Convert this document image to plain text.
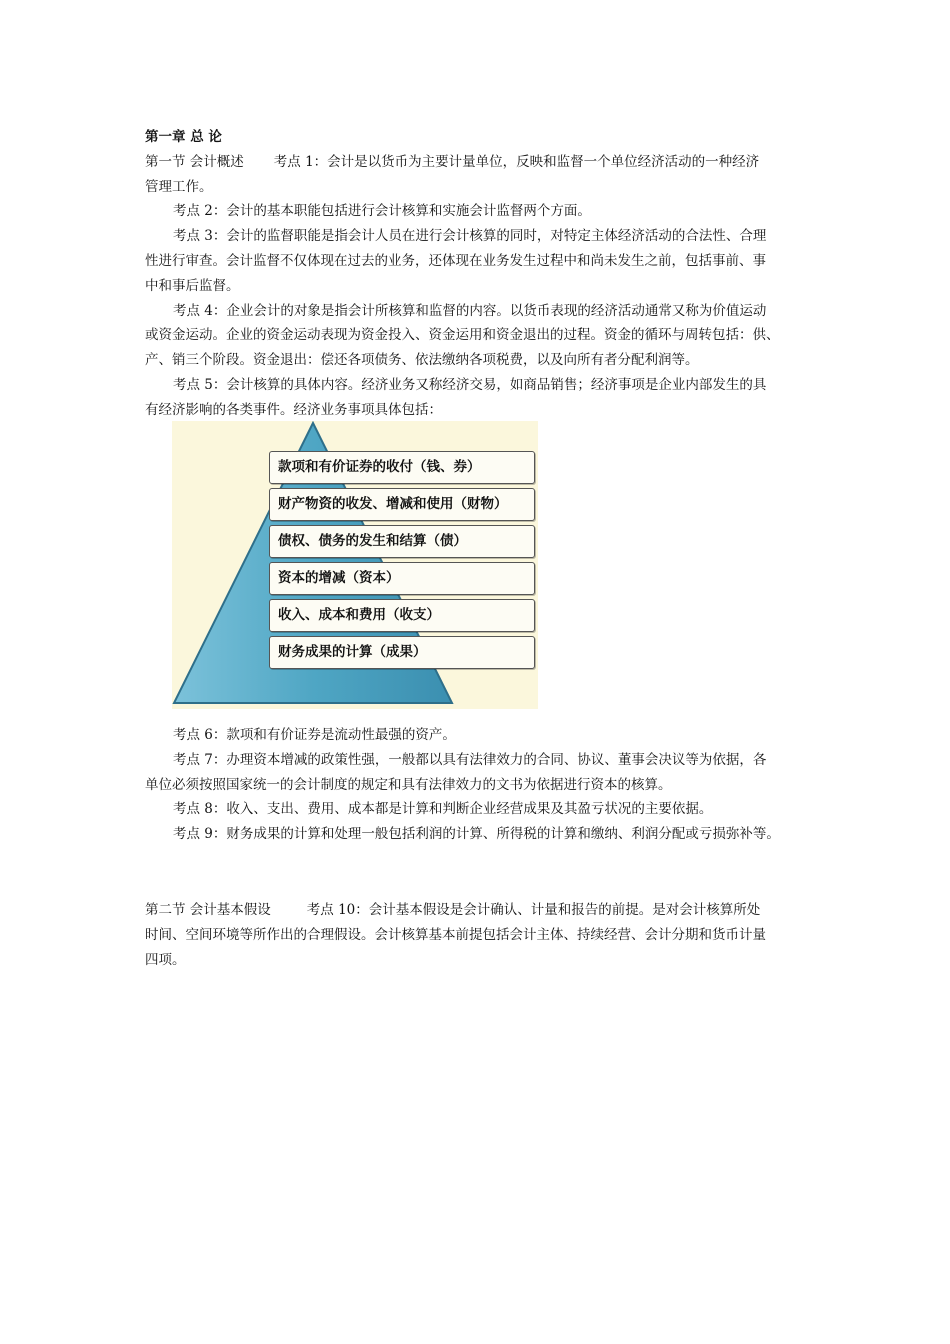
第一章 总 论
第一节 会计概述 考点 1：会计是以货币为主要计量单位，反映和监督一个单位经济活动的一种经济
管理工作。
考点 2：会计的基本职能包括进行会计核算和实施会计监督两个方面。
考点 3：会计的监督职能是指会计人员在进行会计核算的同时，对特定主体经济活动的合法性、合理
性进行审查。会计监督不仅体现在过去的业务，还体现在业务发生过程中和尚未发生之前，包括事前、事
中和事后监督。
考点 4：企业会计的对象是指会计所核算和监督的内容。以货币表现的经济活动通常又称为价值运动
或资金运动。企业的资金运动表现为资金投入、资金运用和资金退出的过程。资金的循环与周转包括：供、
产、销三个阶段。资金退出：偿还各项债务、依法缴纳各项税费，以及向所有者分配利润等。
考点 5：会计核算的具体内容。经济业务又称经济交易，如商品销售；经济事项是企业内部发生的具
有经济影响的各类事件。经济业务事项具体包括：
款项和有价证券的收付（钱、券）
财产物资的收发、增减和使用（财物）
债权、债务的发生和结算（债）
资本的增减（资本）
收入、成本和费用（收支）
财务成果的计算（成果）
考点 6：款项和有价证券是流动性最强的资产。
考点 7：办理资本增减的政策性强，一般都以具有法律效力的合同、协议、董事会决议等为依据，各
单位必须按照国家统一的会计制度的规定和具有法律效力的文书为依据进行资本的核算。
考点 8：收入、支出、费用、成本都是计算和判断企业经营成果及其盈亏状况的主要依据。
考点 9：财务成果的计算和处理一般包括利润的计算、所得税的计算和缴纳、利润分配或亏损弥补等。
第二节 会计基本假设	考点 10：会计基本假设是会计确认、计量和报告的前提。是对会计核算所处
时间、空间环境等所作出的合理假设。会计核算基本前提包括会计主体、持续经营、会计分期和货币计量
四项。
